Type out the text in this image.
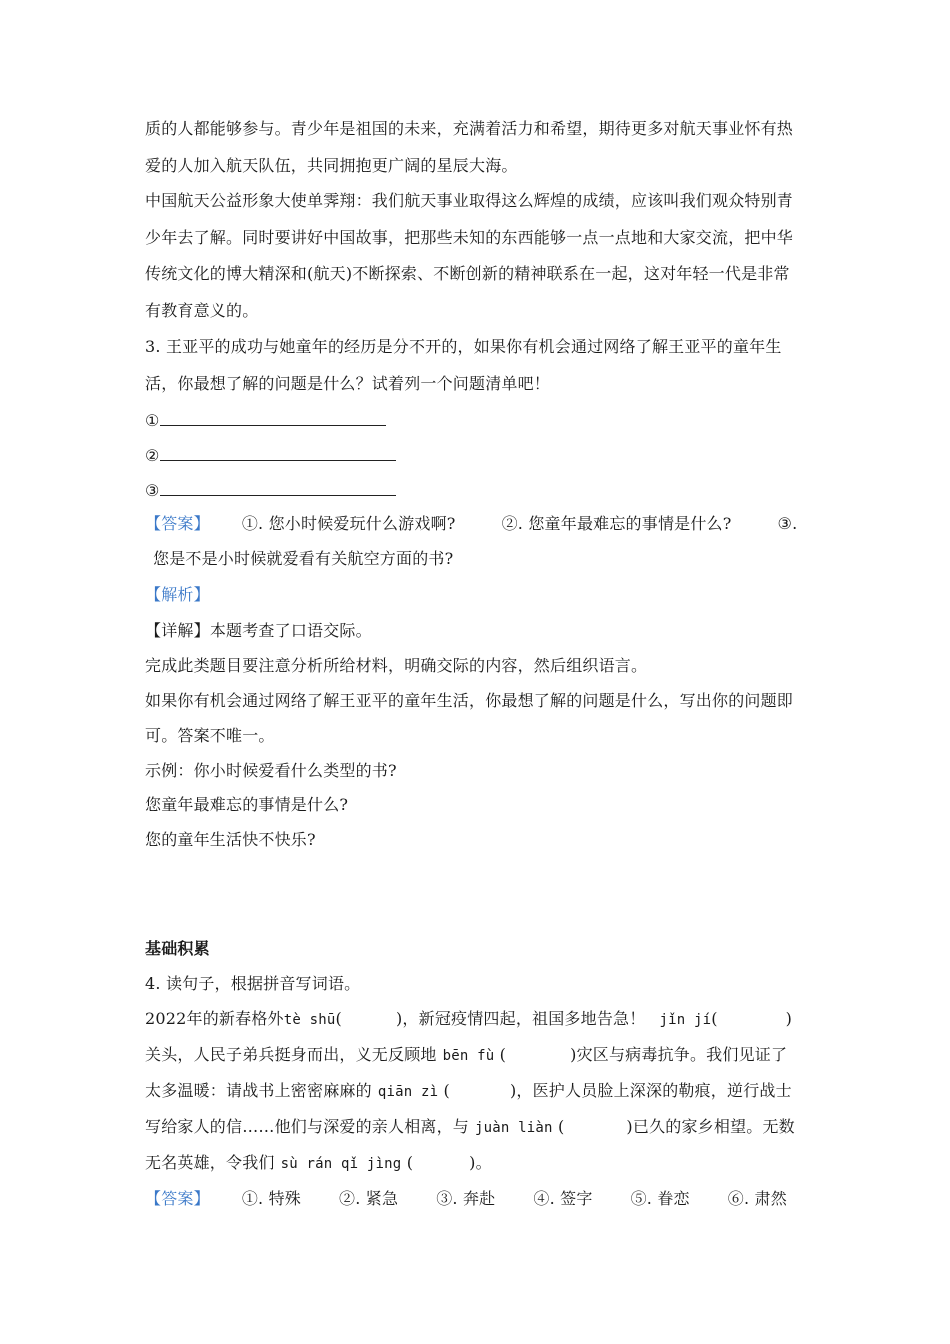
质的人都能够参与。青少年是祖国的未来，充满着活力和希望，期待更多对航天事业怀有热
爱的人加入航天队伍，共同拥抱更广阔的星辰大海。
中国航天公益形象大使单霁翔：我们航天事业取得这么辉煌的成绩，应该叫我们观众特别青
少年去了解。同时要讲好中国故事，把那些未知的东西能够一点一点地和大家交流，把中华
传统文化的博大精深和(航天)不断探索、不断创新的精神联系在一起，这对年轻一代是非常
有教育意义的。
3. 王亚平的成功与她童年的经历是分不开的，如果你有机会通过网络了解王亚平的童年生
活，你最想了解的问题是什么？试着列一个问题清单吧！
①
②
③
【答案】 ①. 您小时候爱玩什么游戏啊?	②. 您童年最难忘的事情是什么?	③.
您是不是小时候就爱看有关航空方面的书?
【解析】
【详解】本题考查了口语交际。
完成此类题目要注意分析所给材料，明确交际的内容，然后组织语言。
如果你有机会通过网络了解王亚平的童年生活，你最想了解的问题是什么，写出你的问题即
可。答案不唯一。
示例：你小时候爱看什么类型的书?
您童年最难忘的事情是什么?
您的童年生活快不快乐?
基础积累
4. 读句子，根据拼音写词语。
2022年的新春格外tè shū(	)，新冠疫情四起，祖国多地告急！ jǐn jí(	)
关头，人民子弟兵挺身而出，义无反顾地 bēn fù (	)灾区与病毒抗争。我们见证了
太多温暖：请战书上密密麻麻的 qiān zì (	)，医护人员脸上深深的勒痕，逆行战士
写给家人的信……他们与深爱的亲人相离，与 juàn liàn (	)已久的家乡相望。无数
无名英雄，令我们 sù rán qǐ jìng (	)。
【答案】 ①. 特殊 ②. 紧急 ③. 奔赴 ④. 签字 ⑤. 眷恋 ⑥. 肃然
